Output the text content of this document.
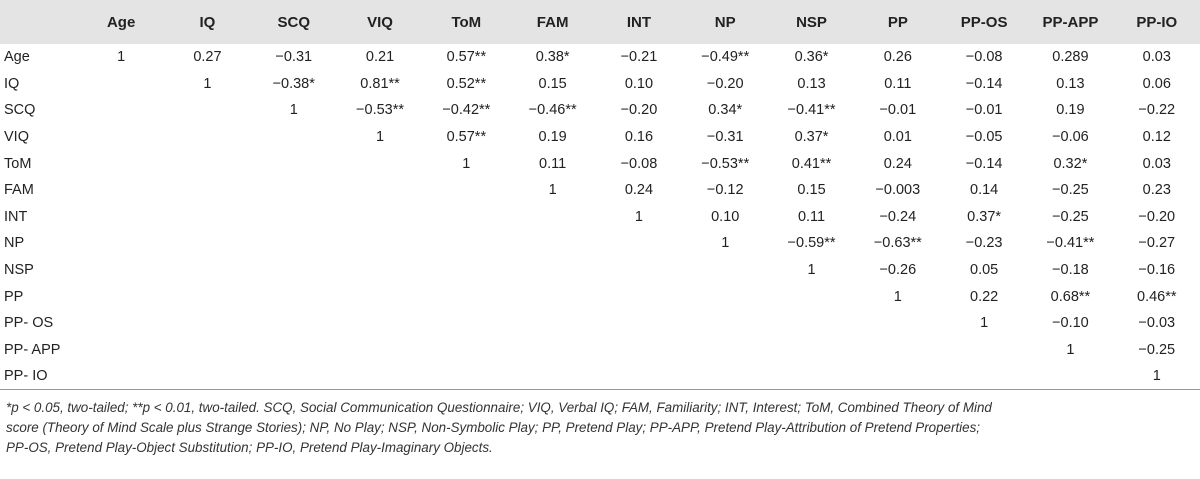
	Age	IQ	SCQ	VIQ	ToM	FAM	INT	NP	NSP	PP	PP-OS	PP-APP	PP-IO
Age	1	0.27	−0.31	0.21	0.57**	0.38*	−0.21	−0.49**	0.36*	0.26	−0.08	0.289	0.03
IQ		1	−0.38*	0.81**	0.52**	0.15	0.10	−0.20	0.13	0.11	−0.14	0.13	0.06
SCQ			1	−0.53**	−0.42**	−0.46**	−0.20	0.34*	−0.41**	−0.01	−0.01	0.19	−0.22
VIQ				1	0.57**	0.19	0.16	−0.31	0.37*	0.01	−0.05	−0.06	0.12
ToM					1	0.11	−0.08	−0.53**	0.41**	0.24	−0.14	0.32*	0.03
FAM						1	0.24	−0.12	0.15	−0.003	0.14	−0.25	0.23
INT							1	0.10	0.11	−0.24	0.37*	−0.25	−0.20
NP								1	−0.59**	−0.63**	−0.23	−0.41**	−0.27
NSP									1	−0.26	0.05	−0.18	−0.16
PP										1	0.22	0.68**	0.46**
PP- OS											1	−0.10	−0.03
PP- APP												1	−0.25
PP- IO													1
*p < 0.05, two-tailed; **p < 0.01, two-tailed. SCQ, Social Communication Questionnaire; VIQ, Verbal IQ; FAM, Familiarity; INT, Interest; ToM, Combined Theory of Mind
score (Theory of Mind Scale plus Strange Stories); NP, No Play; NSP, Non-Symbolic Play; PP, Pretend Play; PP-APP, Pretend Play-Attribution of Pretend Properties;
PP-OS, Pretend Play-Object Substitution; PP-IO, Pretend Play-Imaginary Objects.
